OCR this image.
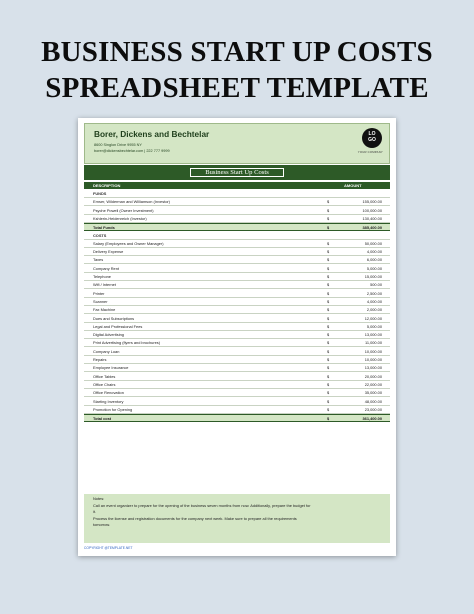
BUSINESS START UP COSTS
SPREADSHEET TEMPLATE
Borer, Dickens and Bechtelar
8600 Singlon Drive 9955 NY
borer@dickensbechtelar.com | 222 777 9999
LO
GO
YOUR COMPANY
Business Start Up Costs
DESCRIPTION	AMOUNT
FUNDS
Ernser, Wilderman and Williamson (Investor)	$	155,000.00
Psyche Powell (Owner Investment)	$	100,000.00
Kshlerin-Heidenreich (Investor)	$	130,400.00
Total Funds	$	385,400.00
COSTS
Salary (Employees and Owner Manager)	$	50,000.00
Delivery Expense	$	4,000.00
Taxes	$	6,000.00
Company Rent	$	5,000.00
Telephone	$	15,000.00
Wifi / Internet	$	500.00
Printer	$	2,500.00
Scanner	$	4,000.00
Fax Machine	$	2,000.00
Dues and Subscriptions	$	12,000.00
Legal and Professional Fees	$	5,000.00
Digital Advertising	$	13,000.00
Print Advertising (flyers and brochures)	$	11,000.00
Company Loan	$	10,000.00
Repairs	$	10,000.00
Employee Insurance	$	13,000.00
Office Tables	$	20,000.00
Office Chairs	$	22,000.00
Office Renovation	$	35,000.00
Starting Inventory	$	48,000.00
Promotion for Opening	$	23,000.00
Total cost	$	361,400.00
Notes:
Call an event organizer to prepare for the opening of the business seven months from now. Additionally, prepare the budget for
it.
Process the license and registration documents for the company next week. Make sure to prepare all the requirements
tomorrow.
COPYRIGHT @TEMPLATE.NET
